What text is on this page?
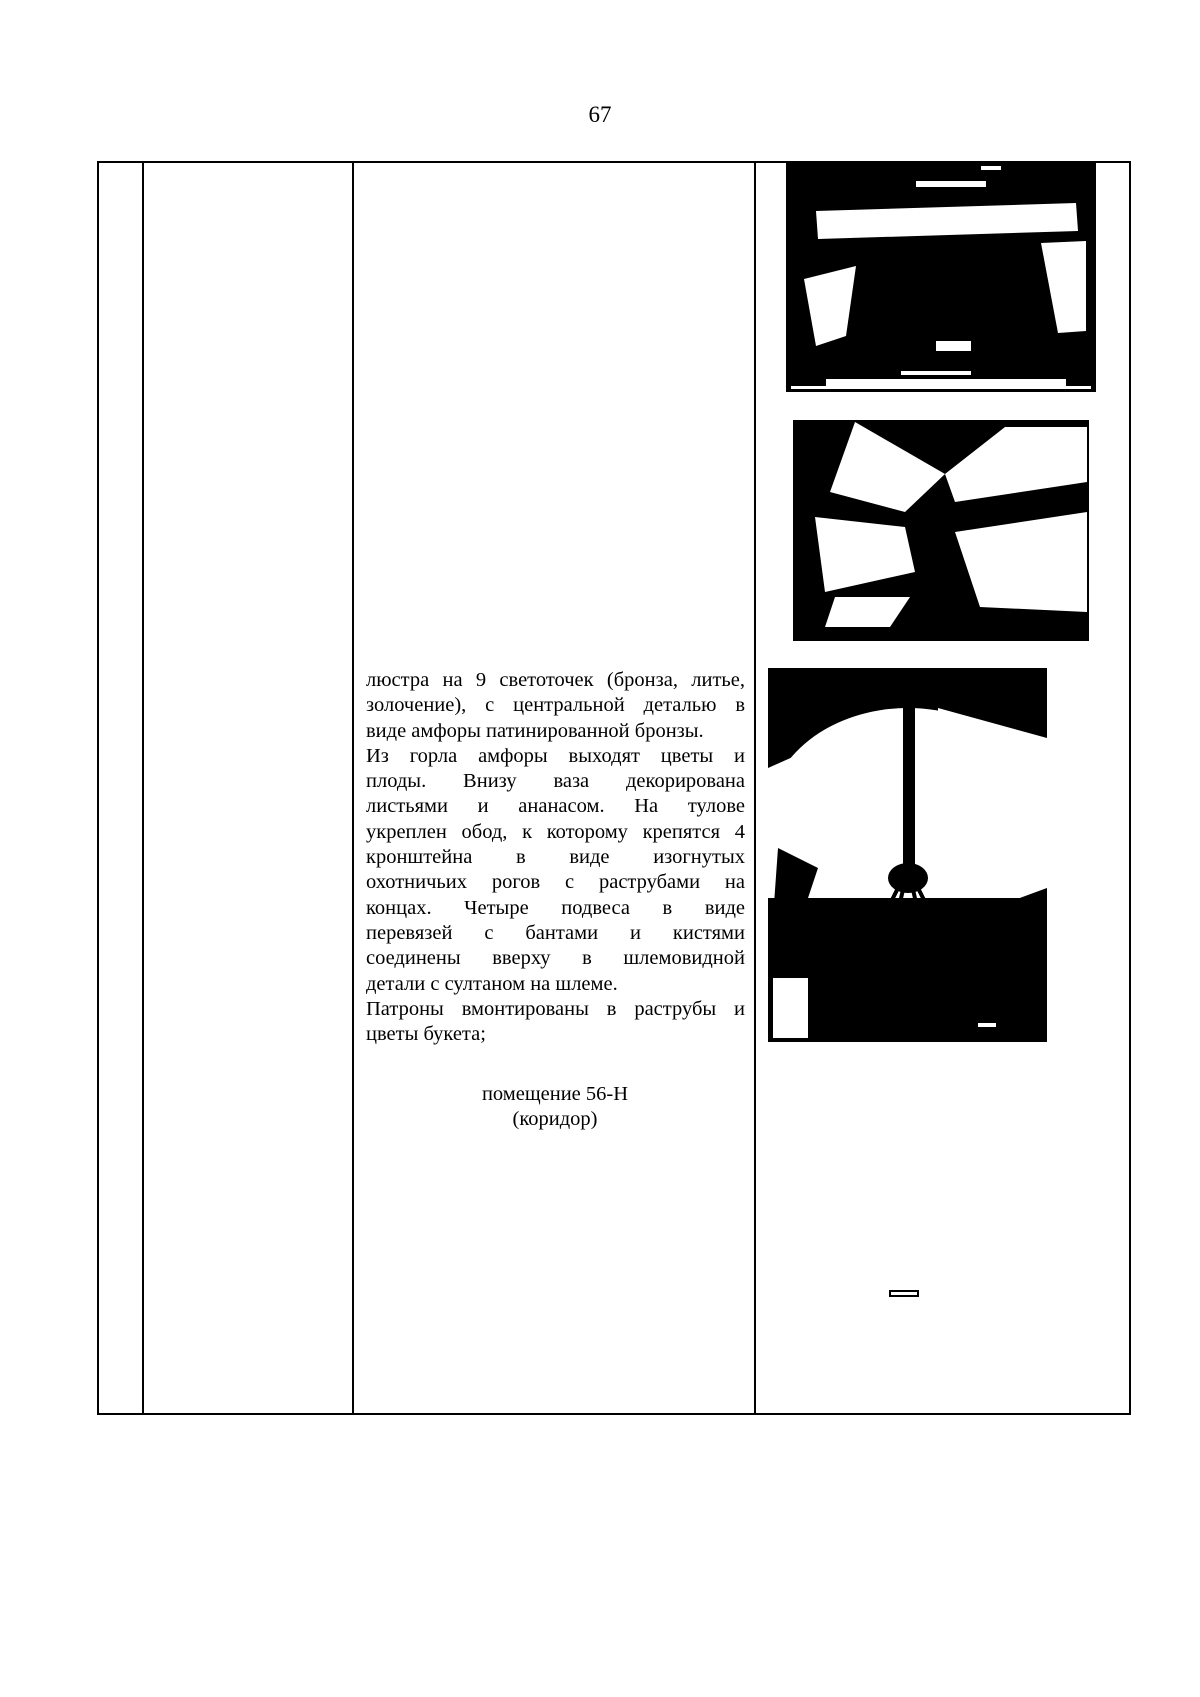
67

люстра на 9 светоточек (бронза, литье,

золочение), с центральной деталью в

виде амфоры патинированной бронзы.

Из горла амфоры выходят цветы и

плоды. Внизу ваза декорирована

листьями и ананасом. На тулове

укреплен обод, к которому крепятся 4

кронштейна в виде изогнутых

охотничьих рогов с раструбами на

концах. Четыре подвеса в виде

перевязей с бантами и кистями

соединены вверху в шлемовидной

детали с султаном на шлеме.

Патроны вмонтированы в раструбы и

цветы букета;

помещение 56-Н
(коридор)
